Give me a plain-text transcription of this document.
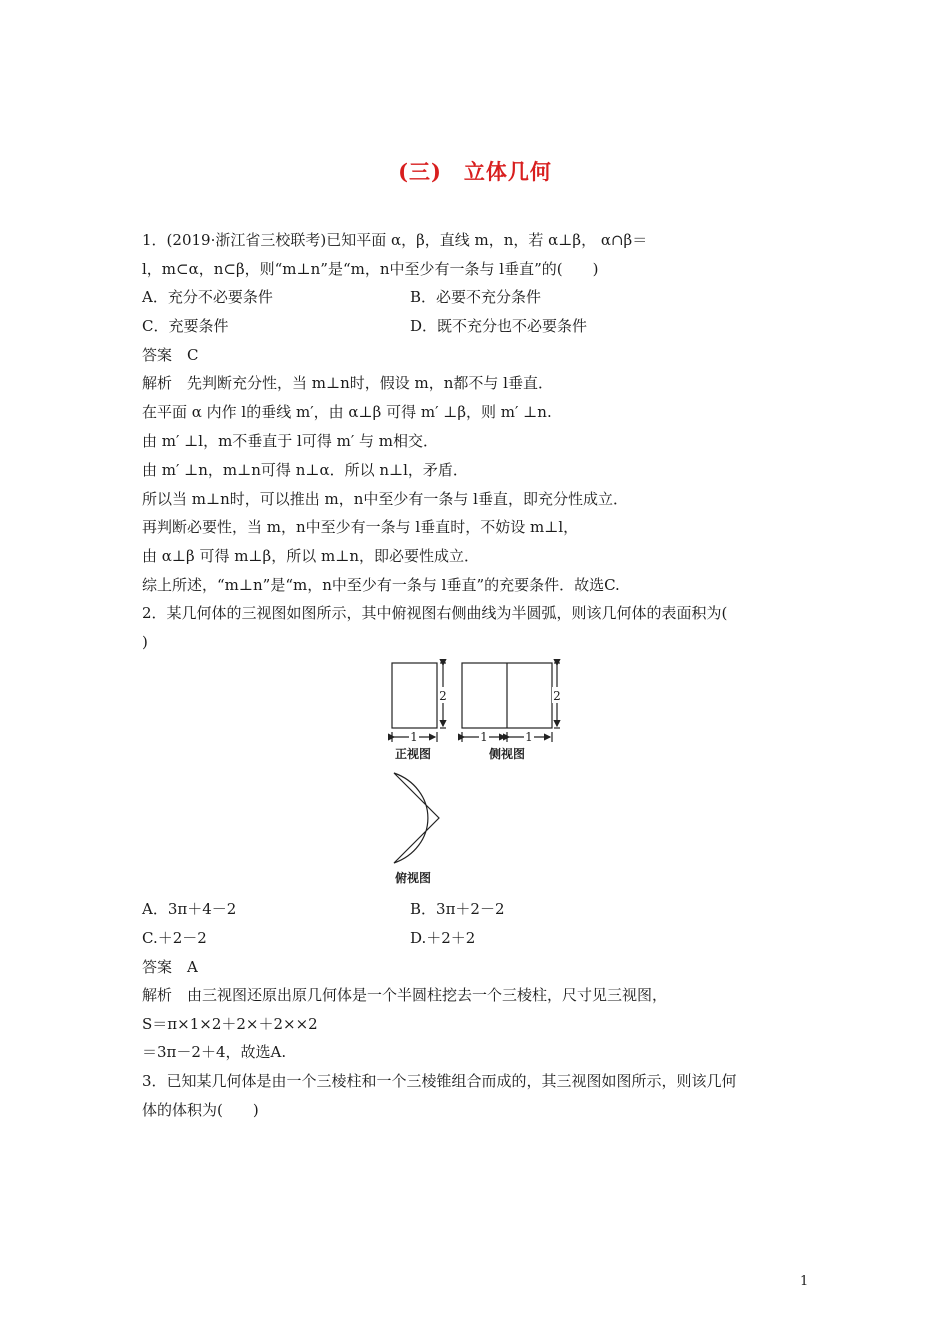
(三)　立体几何
1．(2019·浙江省三校联考)已知平面 α，β，直线 m，n，若 α⊥β， α∩β＝
l，m⊂α，n⊂β，则“m⊥n”是“m，n中至少有一条与 l垂直”的(　　)
A．充分不必要条件	B．必要不充分条件
C．充要条件	D．既不充分也不必要条件
答案　C
解析　先判断充分性，当 m⊥n时，假设 m，n都不与 l垂直．
在平面 α 内作 l的垂线 m′，由 α⊥β 可得 m′ ⊥β，则 m′ ⊥n.
由 m′ ⊥l，m不垂直于 l可得 m′ 与 m相交．
由 m′ ⊥n，m⊥n可得 n⊥α．所以 n⊥l，矛盾．
所以当 m⊥n时，可以推出 m，n中至少有一条与 l垂直，即充分性成立．
再判断必要性，当 m，n中至少有一条与 l垂直时，不妨设 m⊥l，
由 α⊥β 可得 m⊥β，所以 m⊥n，即必要性成立．
综上所述，“m⊥n”是“m，n中至少有一条与 l垂直”的充要条件．故选C.
2．某几何体的三视图如图所示，其中俯视图右侧曲线为半圆弧，则该几何体的表面积为(
)
2	2
1	1	1
正视图	侧视图
俯视图
A．3π＋4－2	B．3π＋2－2
C.＋2－2	D.＋2＋2
答案　A
解析　由三视图还原出原几何体是一个半圆柱挖去一个三棱柱，尺寸见三视图，
S＝π×1×2＋2×＋2××2
＝3π－2＋4，故选A.
3．已知某几何体是由一个三棱柱和一个三棱锥组合而成的，其三视图如图所示，则该几何
体的体积为(　　)
1
